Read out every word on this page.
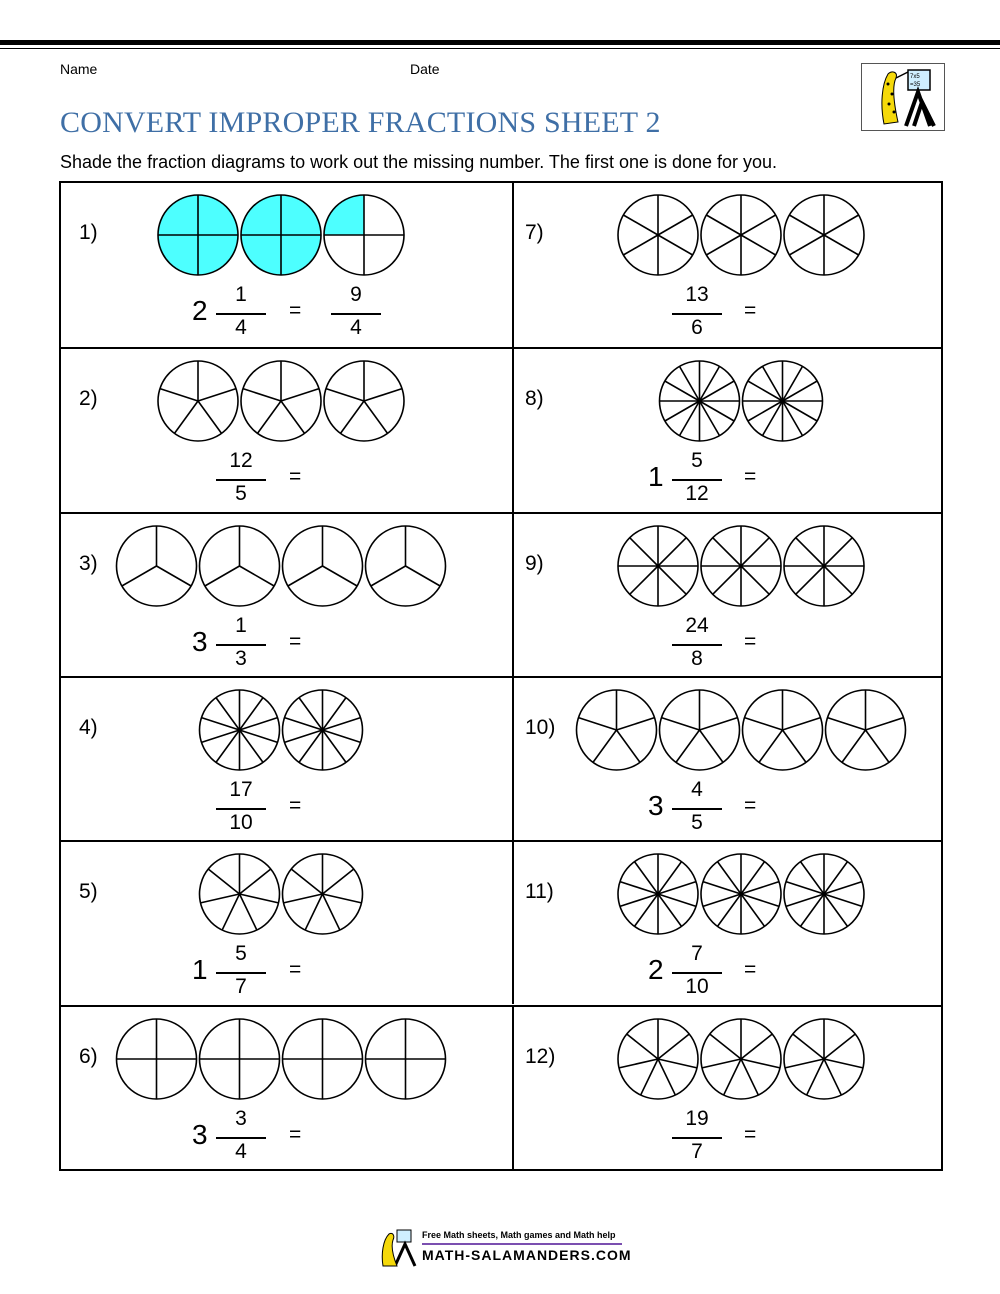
Name	Date	7x5
=35
CONVERT IMPROPER FRACTIONS SHEET 2
Shade the fraction diagrams to work out the missing number. The first one is done for you.
1)
2
1
4
=
9
4
2)
12
5
=
3)
3
1
3
=
4)
17
10
=
5)
1
5
7
=
6)
3
3
4
=
7)
13
6
=
8)
1
5
12
=
9)
24
8
=
10)
3
4
5
=
11)
2
7
10
=
12)
19
7
=
Free Math sheets, Math games and Math help
MATH-SALAMANDERS.COM
